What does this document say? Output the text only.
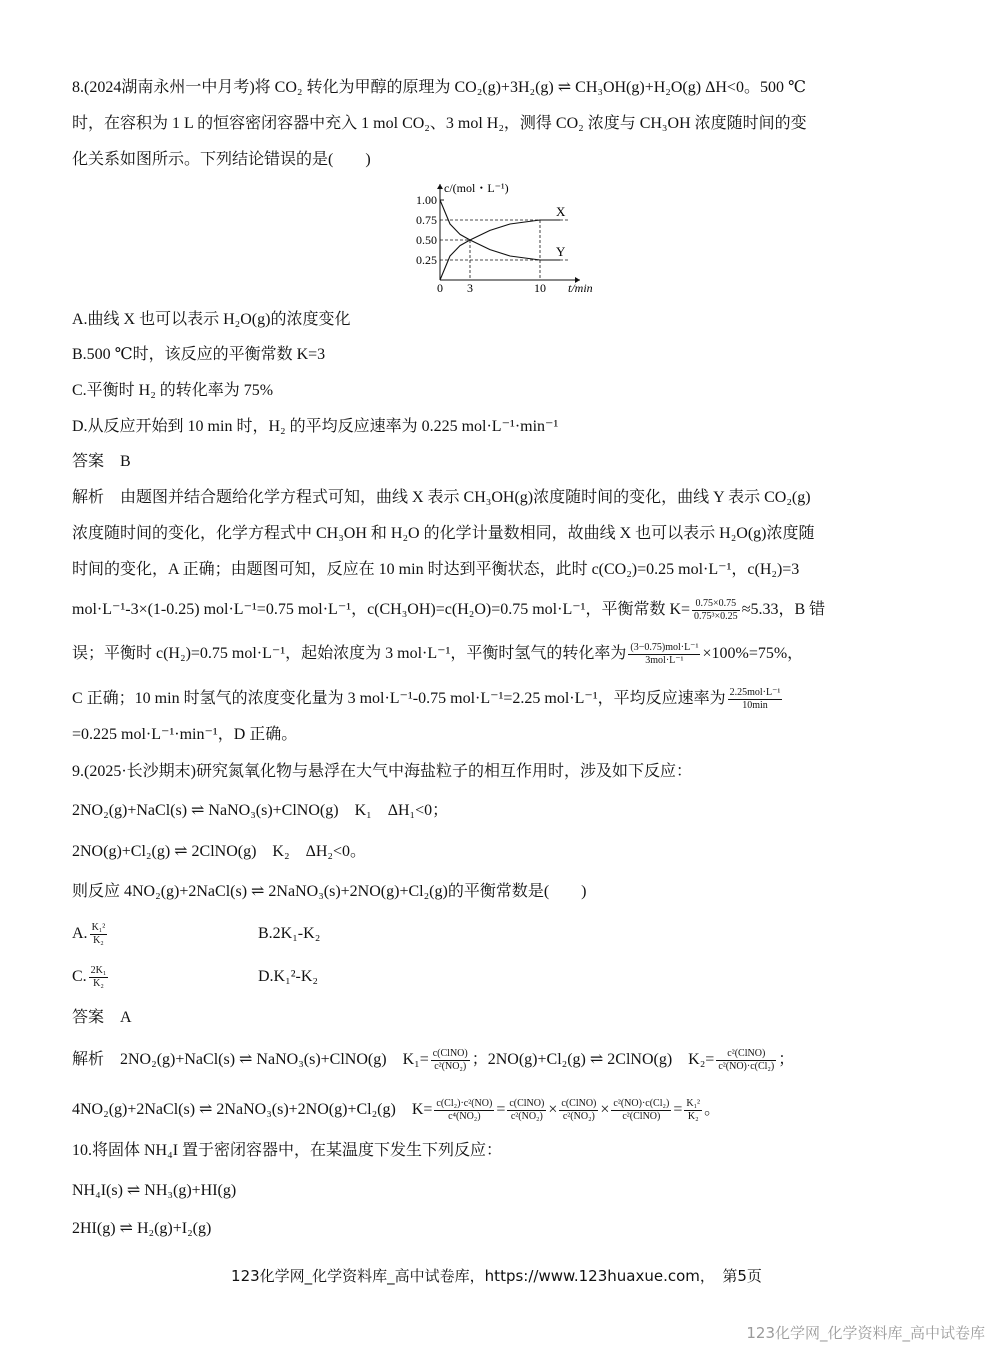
8.(2024湖南永州一中月考)将 CO₂ 转化为甲醇的原理为 CO₂(g)+3H₂(g) ⇌ CH₃OH(g)+H₂O(g) ΔH<0。500 ℃
时，在容积为 1 L 的恒容密闭容器中充入 1 mol CO₂、3 mol H₂，测得 CO₂ 浓度与 CH₃OH 浓度随时间的变
化关系如图所示。下列结论错误的是(　　)
c/(mol・L⁻¹)
t/min
1.00
0.75
0.50
0.25
0 3	10
X
Y
A.曲线 X 也可以表示 H₂O(g)的浓度变化
B.500 ℃时，该反应的平衡常数 K=3
C.平衡时 H₂ 的转化率为 75%
D.从反应开始到 10 min 时，H₂ 的平均反应速率为 0.225 mol·L⁻¹·min⁻¹
答案　B
解析　由题图并结合题给化学方程式可知，曲线 X 表示 CH₃OH(g)浓度随时间的变化，曲线 Y 表示 CO₂(g)
浓度随时间的变化，化学方程式中 CH₃OH 和 H₂O 的化学计量数相同，故曲线 X 也可以表示 H₂O(g)浓度随
时间的变化，A 正确；由题图可知，反应在 10 min 时达到平衡状态，此时 c(CO₂)=0.25 mol·L⁻¹，c(H₂)=3
mol·L⁻¹-3×(1-0.25) mol·L⁻¹=0.75 mol·L⁻¹，c(CH₃OH)=c(H₂O)=0.75 mol·L⁻¹，平衡常数 $K= \frac{0.75\times 0.75}{\text{0.75³×0.25}} \approx 5.33$，B 错
误；平衡时 c(H₂)=0.75 mol·L⁻¹，起始浓度为 3 mol·L⁻¹，平衡时氢气的转化率为 $\frac{\text{(3−0.75)mol·L⁻¹}}{\text{3mol·L⁻¹}} \times 100\%=75\%$，
C 正确；10 min 时氢气的浓度变化量为 3 mol·L⁻¹-0.75 mol·L⁻¹=2.25 mol·L⁻¹，平均反应速率为 $\frac{\text{2.25mol·L⁻¹}}{10\min}$
=0.225 mol·L⁻¹·min⁻¹，D 正确。
9.(2025·长沙期末)研究氮氧化物与悬浮在大气中海盐粒子的相互作用时，涉及如下反应：
2NO₂(g)+NaCl(s) ⇌ NaNO₃(s)+ClNO(g)　K₁　ΔH₁<0；
2NO(g)+Cl₂(g) ⇌ 2ClNO(g)　K₂　ΔH₂<0。
则反应 4NO₂(g)+2NaCl(s) ⇌ 2NaNO₃(s)+2NO(g)+Cl₂(g)的平衡常数是(　　)
A. $\frac{\text{K₁²}}{\text{K₂}}$	B.2K₁-K₂
C. $\frac{\text{2K₁}}{\text{K₂}}$	D.K₁²-K₂
答案　A
解析　2NO₂(g)+NaCl(s) ⇌ NaNO₃(s)+ClNO(g)　$K_1= \frac{\text{c(ClNO)}}{\text{c²(NO₂)}}$ ；2NO(g)+Cl₂(g) ⇌ 2ClNO(g)　$K_2= \frac{\text{c²(ClNO)}}{\text{c²(NO)·c(Cl₂)}}$ ；
4NO₂(g)+2NaCl(s) ⇌ 2NaNO₃(s)+2NO(g)+Cl₂(g)　$K= \frac{\text{c(Cl₂)·c²(NO)}}{\text{c⁴(NO₂)}} = \frac{\text{c(ClNO)}}{\text{c²(NO₂)}} \times \frac{\text{c(ClNO)}}{\text{c²(NO₂)}} \times \frac{\text{c²(NO)·c(Cl₂)}}{\text{c²(ClNO)}} = \frac{\text{K₁²}}{\text{K₂}}$ 。
10.将固体 NH₄I 置于密闭容器中，在某温度下发生下列反应：
NH₄I(s) ⇌ NH₃(g)+HI(g)
2HI(g) ⇌ H₂(g)+I₂(g)
123化学网_化学资料库_高中试卷库，https://www.123huaxue.com，　第5页
123化学网_化学资料库_高中试卷库
